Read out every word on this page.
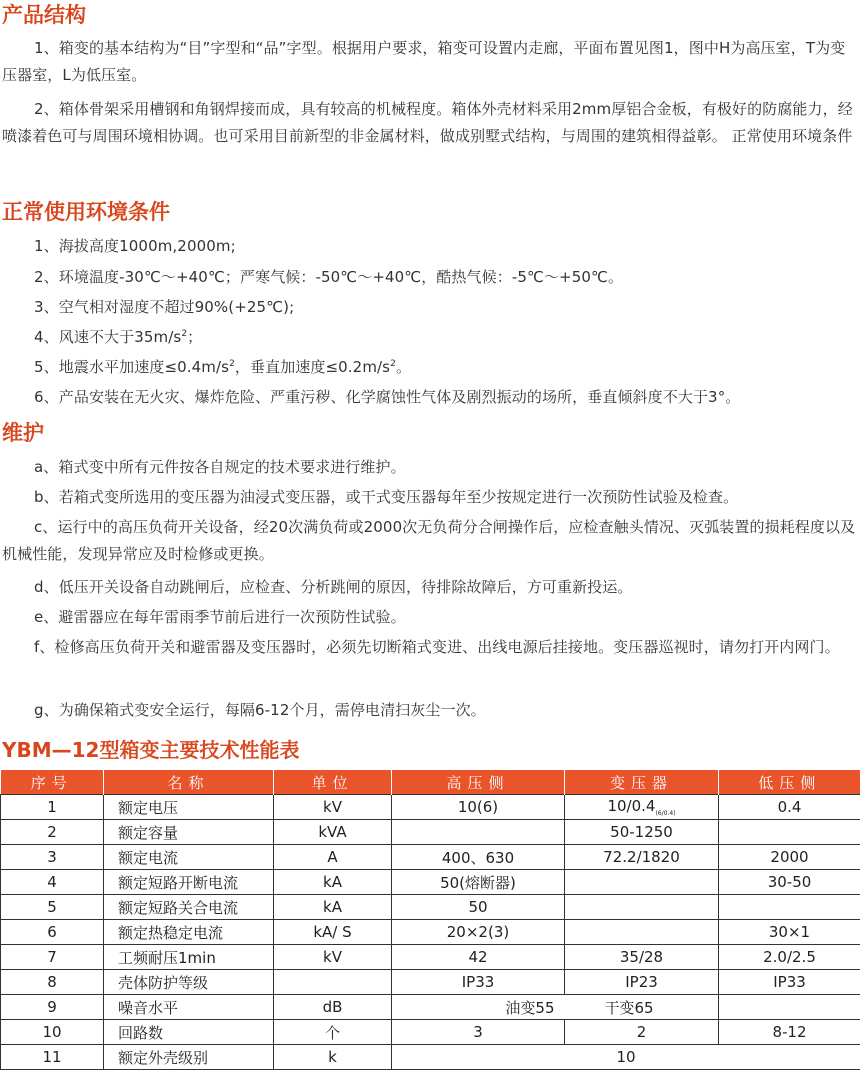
产品结构

1、箱变的基本结构为“目”字型和“品”字型。根据用户要求，箱变可设置内走廊，平面布置见图1，图中H为高压室，T为变压器室，L为低压室。

2、箱体骨架采用槽钢和角钢焊接而成，具有较高的机械程度。箱体外壳材料采用2mm厚铝合金板，有极好的防腐能力，经喷漆着色可与周围环境相协调。也可采用目前新型的非金属材料，做成别墅式结构，与周围的建筑相得益彰。 正常使用环境条件

正常使用环境条件

1、海拔高度1000m,2000m;

2、环境温度-30℃～+40℃；严寒气候：-50℃～+40℃，酷热气候：-5℃～+50℃。

3、空气相对湿度不超过90%(+25℃);

4、风速不大于$35m/s^2$；

5、地震水平加速度$\le 0.4m/s^2$，垂直加速度$\le 0.2m/s^2$。

6、产品安装在无火灾、爆炸危险、严重污秽、化学腐蚀性气体及剧烈振动的场所，垂直倾斜度不大于3°。

维护

a、箱式变中所有元件按各自规定的技术要求进行维护。

b、若箱式变所选用的变压器为油浸式变压器，或干式变压器每年至少按规定进行一次预防性试验及检查。

c、运行中的高压负荷开关设备，经20次满负荷或2000次无负荷分合闸操作后，应检查触头情况、灭弧装置的损耗程度以及机械性能，发现异常应及时检修或更换。

d、低压开关设备自动跳闸后，应检查、分析跳闸的原因，待排除故障后，方可重新投运。

e、避雷器应在每年雷雨季节前后进行一次预防性试验。

f、检修高压负荷开关和避雷器及变压器时，必须先切断箱式变进、出线电源后挂接地。变压器巡视时，请勿打开内网门。

g、为确保箱式变安全运行，每隔6-12个月，需停电清扫灰尘一次。

YBM—12型箱变主要技术性能表
序号	名称	单位	高压侧	变压器	低压侧
1	额定电压	kV	10(6)	$10/0.4_{(6/0.4)}$	0.4
2	额定容量	kVA		50-1250	
3	额定电流	A	400、630	72.2/1820	2000
4	额定短路开断电流	kA	50(熔断器)		30-50
5	额定短路关合电流	kA	50		
6	额定热稳定电流	kA/ S	20×2(3)		30×1
7	工频耐压1min	kV	42	35/28	2.0/2.5
8	壳体防护等级		IP33	IP23	IP33
9	噪音水平	dB	油变55	干变65	
10	回路数	个	3	2	8-12
11	额定外壳级别	k	10		
